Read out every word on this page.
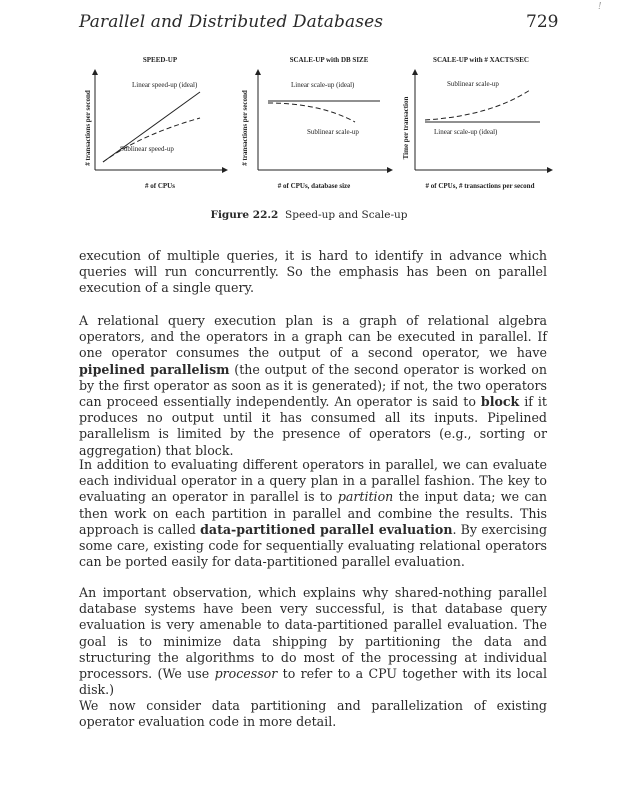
Parallel and Distributed Databases	729
!
SPEED-UP
Linear speed-up (ideal)
Sublinear speed-up
# of CPUs
# transactions per second
SCALE-UP with DB SIZE
Linear scale-up (ideal)
Sublinear scale-up
# of CPUs, database size
# transactions per second
SCALE-UP with # XACTS/SEC
Sublinear scale-up
Linear scale-up (ideal)
# of CPUs, # transactions per second
Time per transaction
Figure 22.2 Speed-up and Scale-up
execution of multiple queries, it is hard to identify in advance which queries will run concurrently. So the emphasis has been on parallel execution of a single query.
A relational query execution plan is a graph of relational algebra operators, and the operators in a graph can be executed in parallel. If one operator consumes the output of a second operator, we have pipelined parallelism (the output of the second operator is worked on by the first operator as soon as it is generated); if not, the two operators can proceed essentially independently. An operator is said to block if it produces no output until it has consumed all its inputs. Pipelined parallelism is limited by the presence of operators (e.g., sorting or aggregation) that block.
In addition to evaluating different operators in parallel, we can evaluate each individual operator in a query plan in a parallel fashion. The key to evaluating an operator in parallel is to partition the input data; we can then work on each partition in parallel and combine the results. This approach is called data-partitioned parallel evaluation. By exercising some care, existing code for sequentially evaluating relational operators can be ported easily for data-partitioned parallel evaluation.
An important observation, which explains why shared-nothing parallel database systems have been very successful, is that database query evaluation is very amenable to data-partitioned parallel evaluation. The goal is to minimize data shipping by partitioning the data and structuring the algorithms to do most of the processing at individual processors. (We use processor to refer to a CPU together with its local disk.)
We now consider data partitioning and parallelization of existing operator evaluation code in more detail.
